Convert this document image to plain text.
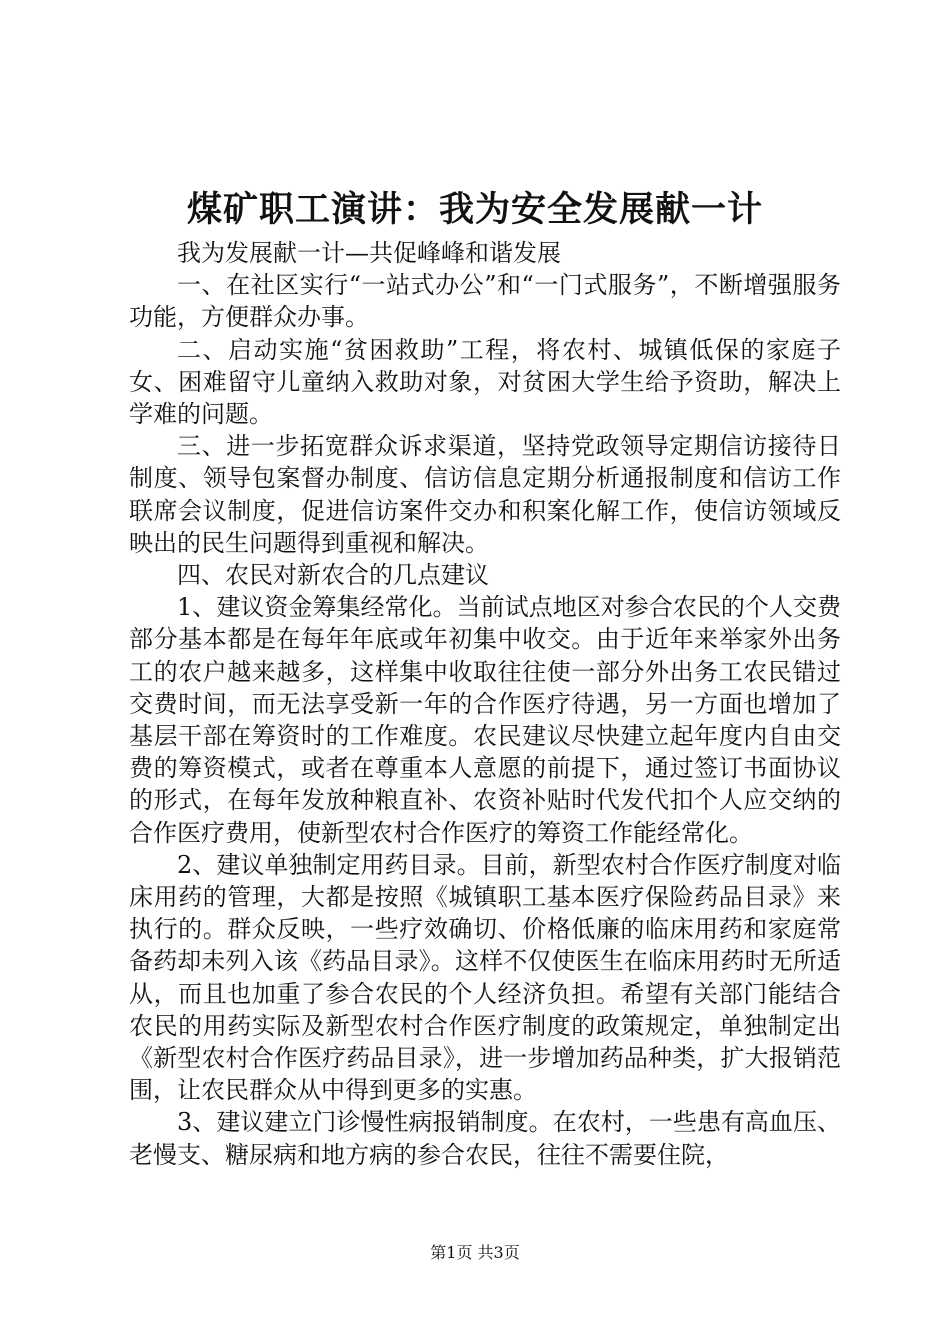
煤矿职工演讲：我为安全发展献一计

我为发展献一计—共促峰峰和谐发展

一、在社区实行“一站式办公”和“一门式服务”，不断增强服务功能，方便群众办事。

二、启动实施“贫困救助”工程，将农村、城镇低保的家庭子女、困难留守儿童纳入救助对象，对贫困大学生给予资助，解决上学难的问题。

三、进一步拓宽群众诉求渠道，坚持党政领导定期信访接待日制度、领导包案督办制度、信访信息定期分析通报制度和信访工作联席会议制度，促进信访案件交办和积案化解工作，使信访领域反映出的民生问题得到重视和解决。

四、农民对新农合的几点建议

1、建议资金筹集经常化。当前试点地区对参合农民的个人交费部分基本都是在每年年底或年初集中收交。由于近年来举家外出务工的农户越来越多，这样集中收取往往使一部分外出务工农民错过交费时间，而无法享受新一年的合作医疗待遇，另一方面也增加了基层干部在筹资时的工作难度。农民建议尽快建立起年度内自由交费的筹资模式，或者在尊重本人意愿的前提下，通过签订书面协议的形式，在每年发放种粮直补、农资补贴时代发代扣个人应交纳的合作医疗费用，使新型农村合作医疗的筹资工作能经常化。

2、建议单独制定用药目录。目前，新型农村合作医疗制度对临床用药的管理，大都是按照《城镇职工基本医疗保险药品目录》来执行的。群众反映，一些疗效确切、价格低廉的临床用药和家庭常备药却未列入该《药品目录》。这样不仅使医生在临床用药时无所适从，而且也加重了参合农民的个人经济负担。希望有关部门能结合农民的用药实际及新型农村合作医疗制度的政策规定，单独制定出《新型农村合作医疗药品目录》，进一步增加药品种类，扩大报销范围，让农民群众从中得到更多的实惠。

3、建议建立门诊慢性病报销制度。在农村，一些患有高血压、老慢支、糖尿病和地方病的参合农民，往往不需要住院，

第1页 共3页
